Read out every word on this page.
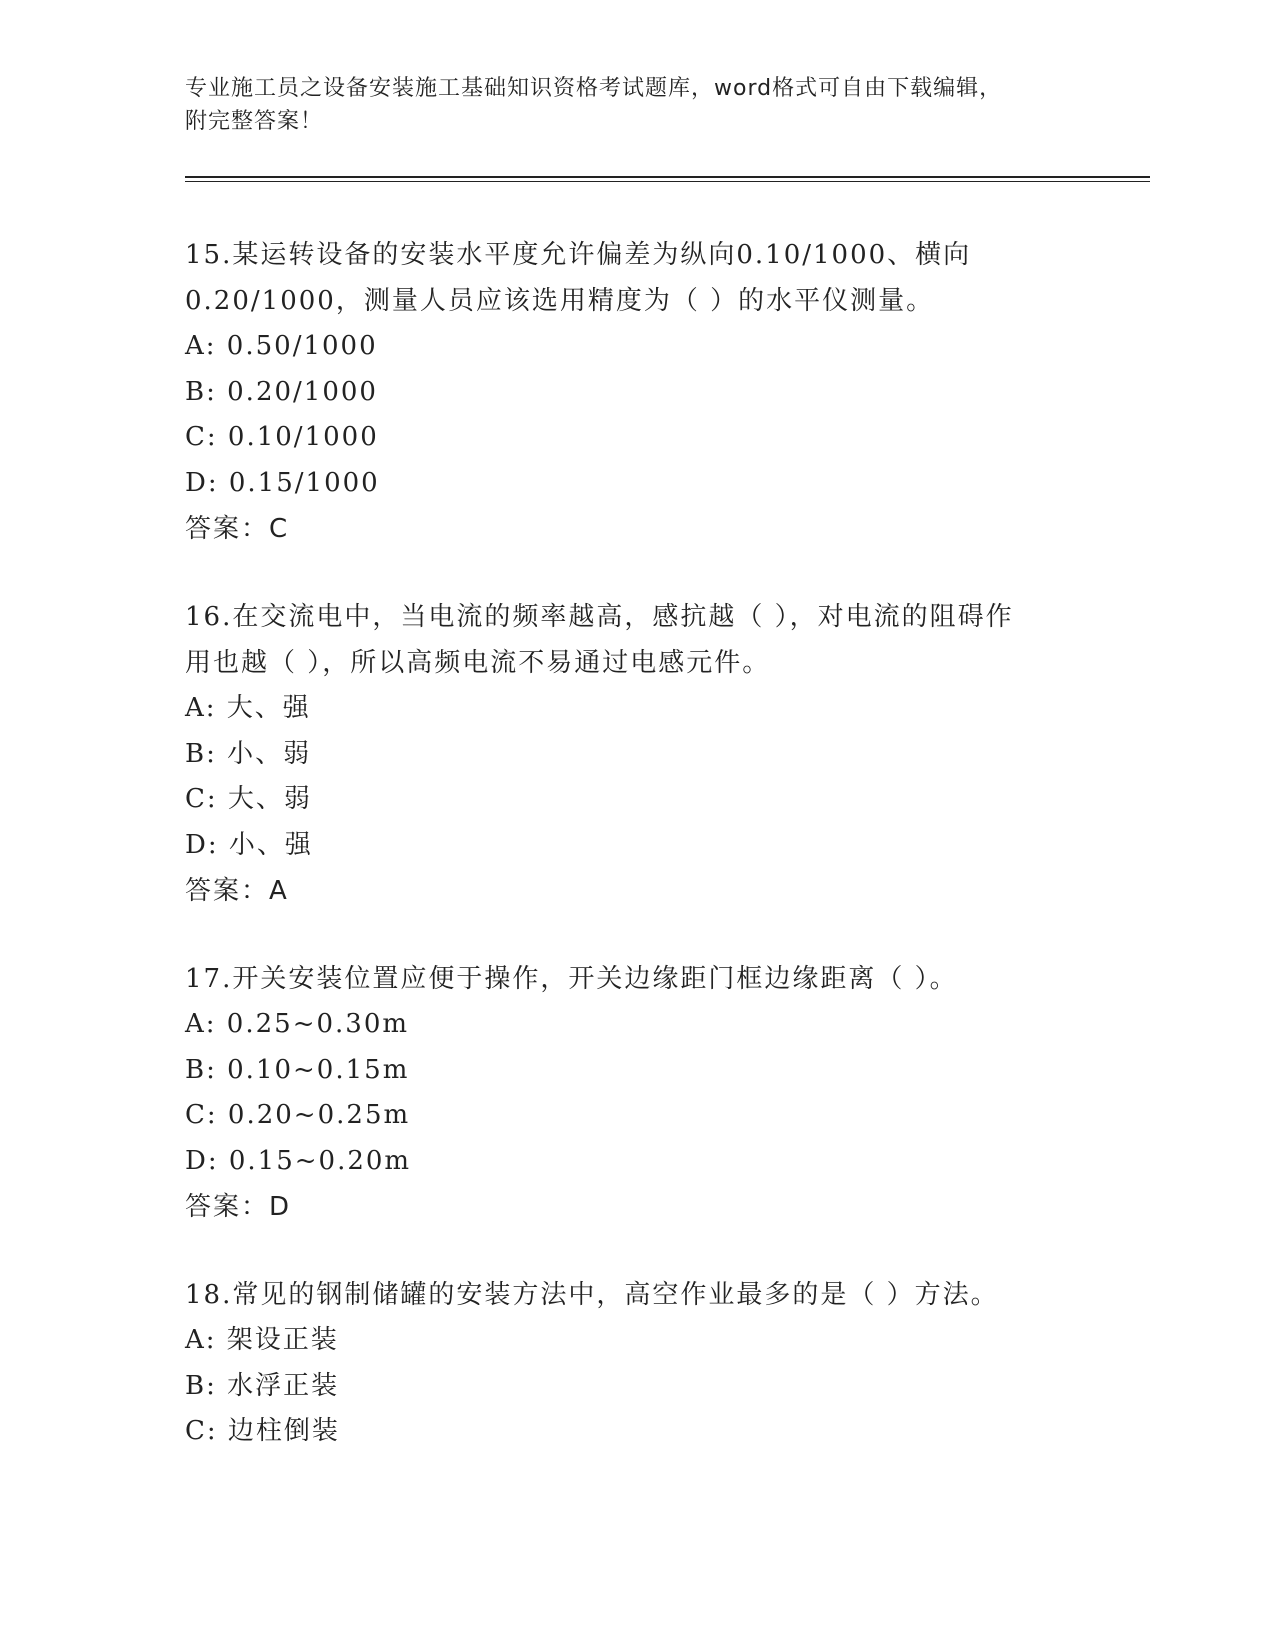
专业施工员之设备安装施工基础知识资格考试题库，word格式可自由下载编辑，
附完整答案！

15.某运转设备的安装水平度允许偏差为纵向0.10/1000、横向

0.20/1000，测量人员应该选用精度为（ ）的水平仪测量。

A: 0.50/1000

B: 0.20/1000

C: 0.10/1000

D: 0.15/1000

答案：C

16.在交流电中，当电流的频率越高，感抗越（ ），对电流的阻碍作

用也越（ ），所以高频电流不易通过电感元件。

A: 大、强

B: 小、弱

C: 大、弱

D: 小、强

答案：A

17.开关安装位置应便于操作，开关边缘距门框边缘距离（ ）。

A: 0.25~0.30m

B: 0.10~0.15m

C: 0.20~0.25m

D: 0.15~0.20m

答案：D

18.常见的钢制储罐的安装方法中，高空作业最多的是（ ）方法。

A: 架设正装

B: 水浮正装

C: 边柱倒装
